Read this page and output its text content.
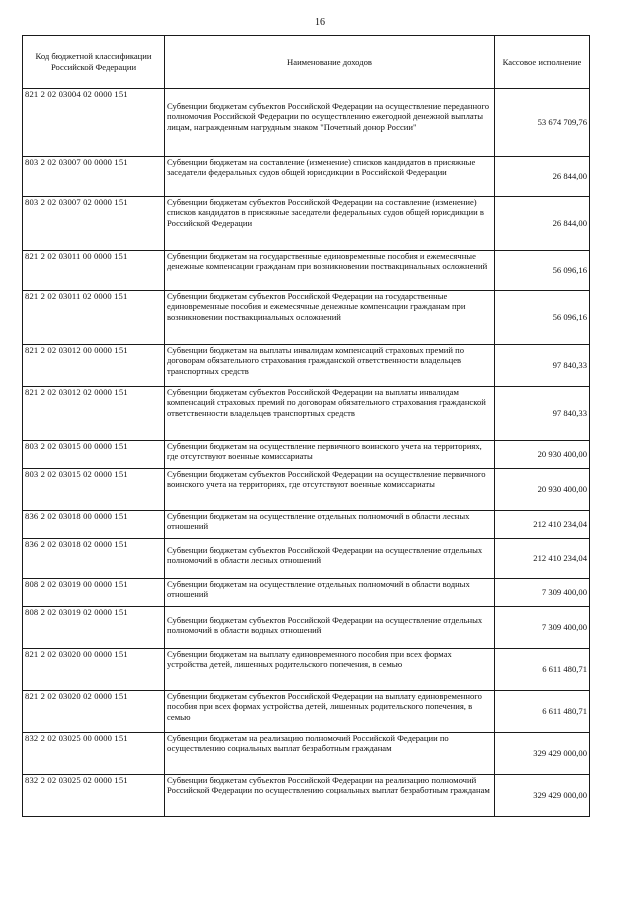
16
Код бюджетной классификации Российской Федерации	Наименование доходов	Кассовое исполнение
821 2 02 03004 02 0000 151	Субвенции бюджетам субъектов Российской Федерации на осуществление переданного полномочия Российской Федерации по осуществлению ежегодной денежной выплаты лицам, награжденным нагрудным знаком "Почетный донор России"	53 674 709,76
803 2 02 03007 00 0000 151	Субвенции бюджетам на составление (изменение) списков кандидатов в присяжные заседатели федеральных судов общей юрисдикции в Российской Федерации	26 844,00
803 2 02 03007 02 0000 151	Субвенции бюджетам субъектов Российской Федерации на составление (изменение) списков кандидатов в присяжные заседатели федеральных судов общей юрисдикции в Российской Федерации	26 844,00
821 2 02 03011 00 0000 151	Субвенции бюджетам на государственные единовременные пособия и ежемесячные денежные компенсации гражданам при возникновении поствакцинальных осложнений	56 096,16
821 2 02 03011 02 0000 151	Субвенции бюджетам субъектов Российской Федерации на государственные единовременные пособия и ежемесячные денежные компенсации гражданам при возникновении поствакцинальных осложнений	56 096,16
821 2 02 03012 00 0000 151	Субвенции бюджетам на выплаты инвалидам компенсаций страховых премий по договорам обязательного страхования гражданской ответственности владельцев транспортных средств	97 840,33
821 2 02 03012 02 0000 151	Субвенции бюджетам субъектов Российской Федерации на выплаты инвалидам компенсаций страховых премий по договорам обязательного страхования гражданской ответственности владельцев транспортных средств	97 840,33
803 2 02 03015 00 0000 151	Субвенции бюджетам на осуществление первичного воинского учета на территориях, где отсутствуют военные комиссариаты	20 930 400,00
803 2 02 03015 02 0000 151	Субвенции бюджетам субъектов Российской Федерации на осуществление первичного воинского учета на территориях, где отсутствуют военные комиссариаты	20 930 400,00
836 2 02 03018 00 0000 151	Субвенции бюджетам на осуществление отдельных полномочий в области лесных отношений	212 410 234,04
836 2 02 03018 02 0000 151	Субвенции бюджетам субъектов Российской Федерации на осуществление отдельных полномочий в области лесных отношений	212 410 234,04
808 2 02 03019 00 0000 151	Субвенции бюджетам на осуществление отдельных полномочий в области водных отношений	7 309 400,00
808 2 02 03019 02 0000 151	Субвенции бюджетам субъектов Российской Федерации на осуществление отдельных полномочий в области водных отношений	7 309 400,00
821 2 02 03020 00 0000 151	Субвенции бюджетам на выплату единовременного пособия при всех формах устройства детей, лишенных родительского попечения, в семью	6 611 480,71
821 2 02 03020 02 0000 151	Субвенции бюджетам субъектов Российской Федерации на выплату единовременного пособия при всех формах устройства детей, лишенных родительского попечения, в семью	6 611 480,71
832 2 02 03025 00 0000 151	Субвенции бюджетам на реализацию полномочий Российской Федерации по осуществлению социальных выплат безработным гражданам	329 429 000,00
832 2 02 03025 02 0000 151	Субвенции бюджетам субъектов Российской Федерации на реализацию полномочий Российской Федерации по осуществлению социальных выплат безработным гражданам	329 429 000,00
